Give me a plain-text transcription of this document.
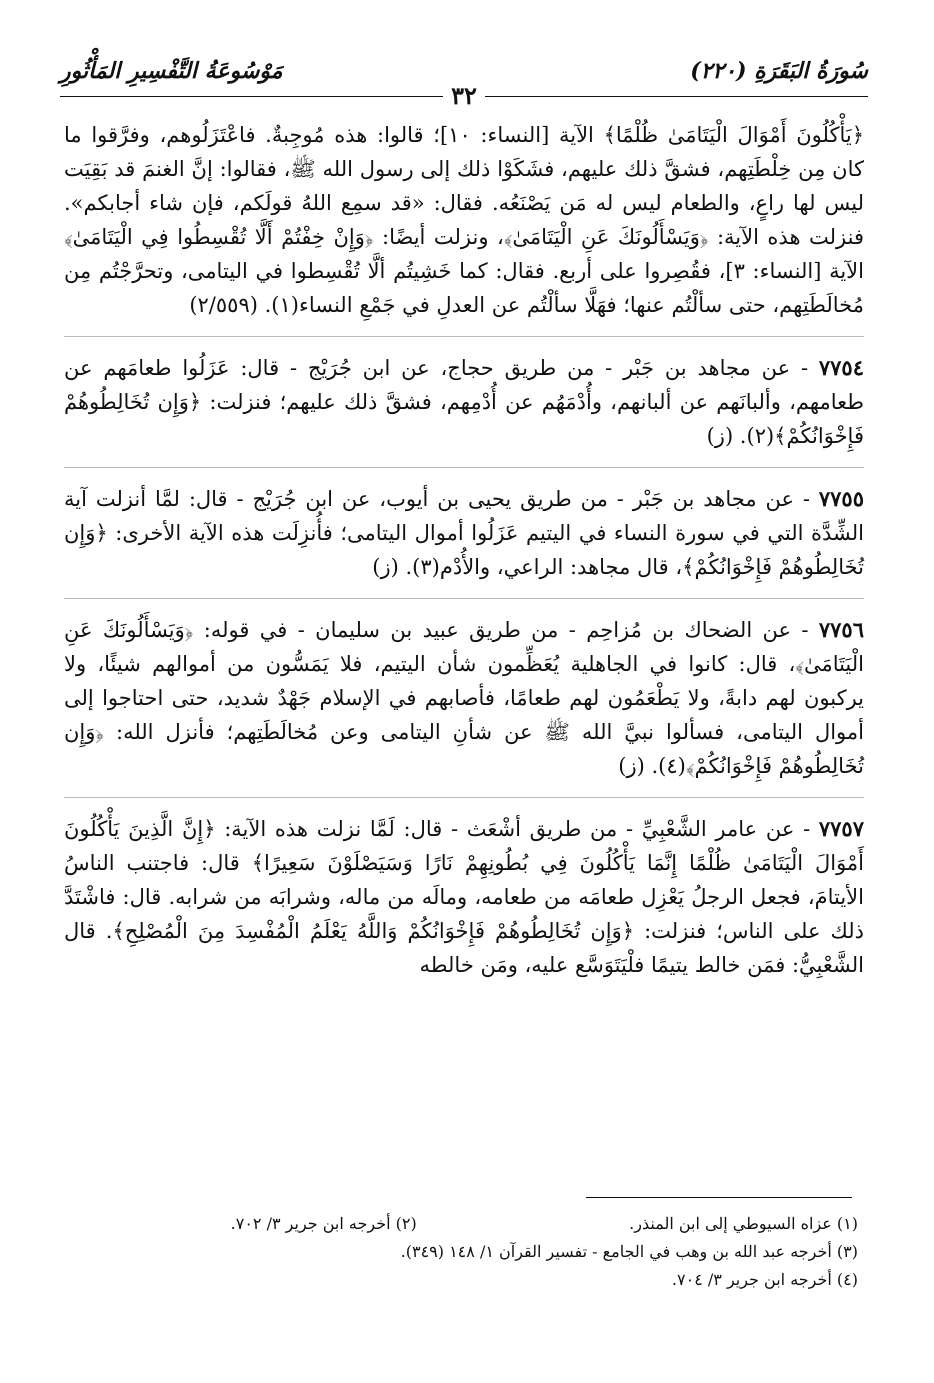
سُورَةُ البَقَرَةِ (٢٢٠)
مَوْسُوعَةُ التَّفْسِيرِ المَأْثُورِ
٣٢

﴿يَأْكُلُونَ أَمْوَالَ الْيَتَامَىٰ ظُلْمًا﴾ الآية [النساء: ١٠]؛ قالوا: هذه مُوجِبةٌ. فاعْتَزَلُوهم، وفرَّقوا ما كان مِن خِلْطَتِهم، فشقَّ ذلك عليهم، فشَكَوْا ذلك إلى رسول الله ﷺ، فقالوا: إنَّ الغنمَ قد بَقِيَت ليس لها راعٍ، والطعام ليس له مَن يَصْنَعُه. فقال: «قد سمِع اللهُ قولَكم، فإن شاء أجابكم». فنزلت هذه الآية: ﴿وَيَسْأَلُونَكَ عَنِ الْيَتَامَىٰ﴾، ونزلت أيضًا: ﴿وَإِنْ خِفْتُمْ أَلَّا تُقْسِطُوا فِي الْيَتَامَىٰ﴾ الآية [النساء: ٣]، فقُصِروا على أربع. فقال: كما خَشِيتُم ألَّا تُقْسِطوا في اليتامى، وتحرَّجْتُم مِن مُخالَطَتِهم، حتى سألْتُم عنها؛ فهَلَّا سألْتُم عن العدلِ في جَمْعِ النساء(١). (٢/٥٥٩)

٧٧٥٤ - عن مجاهد بن جَبْر - من طريق حجاج، عن ابن جُرَيْج - قال: عَزَلُوا طعامَهم عن طعامهم، وألبانَهم عن ألبانهم، وأُدْمَهُم عن أُدْمِهم، فشقَّ ذلك عليهم؛ فنزلت: ﴿وَإِن تُخَالِطُوهُمْ فَإِخْوَانُكُمْ﴾(٢). (ز)

٧٧٥٥ - عن مجاهد بن جَبْر - من طريق يحيى بن أيوب، عن ابن جُرَيْج - قال: لمَّا أنزلت آية الشِّدَّة التي في سورة النساء في اليتيم عَزَلُوا أموال اليتامى؛ فأُنزِلَت هذه الآية الأخرى: ﴿وَإِن تُخَالِطُوهُمْ فَإِخْوَانُكُمْ﴾، قال مجاهد: الراعي، والأُدْم(٣). (ز)

٧٧٥٦ - عن الضحاك بن مُزاحِم - من طريق عبيد بن سليمان - في قوله: ﴿وَيَسْأَلُونَكَ عَنِ الْيَتَامَىٰ﴾، قال: كانوا في الجاهلية يُعَظِّمون شأن اليتيم، فلا يَمَسُّون من أموالهم شيئًا، ولا يركبون لهم دابةً، ولا يَطْعَمُون لهم طعامًا، فأصابهم في الإسلام جَهْدٌ شديد، حتى احتاجوا إلى أموال اليتامى، فسألوا نبيَّ الله ﷺ عن شأنِ اليتامى وعن مُخالَطَتِهم؛ فأنزل الله: ﴿وَإِن تُخَالِطُوهُمْ فَإِخْوَانُكُمْ﴾(٤). (ز)

٧٧٥٧ - عن عامر الشَّعْبِيِّ - من طريق أشْعَث - قال: لَمَّا نزلت هذه الآية: ﴿إِنَّ الَّذِينَ يَأْكُلُونَ أَمْوَالَ الْيَتَامَىٰ ظُلْمًا إِنَّمَا يَأْكُلُونَ فِي بُطُونِهِمْ نَارًا وَسَيَصْلَوْنَ سَعِيرًا﴾ قال: فاجتنب الناسُ الأيتامَ، فجعل الرجلُ يَعْزِل طعامَه من طعامه، ومالَه من ماله، وشرابَه من شرابه. قال: فاشْتَدَّ ذلك على الناس؛ فنزلت: ﴿وَإِن تُخَالِطُوهُمْ فَإِخْوَانُكُمْ وَاللَّهُ يَعْلَمُ الْمُفْسِدَ مِنَ الْمُصْلِحِ﴾. قال الشَّعْبِيُّ: فمَن خالط يتيمًا فلْيَتَوَسَّع عليه، ومَن خالطه

(١) عزاه السيوطي إلى ابن المنذر.
(٢) أخرجه ابن جرير ٣/ ٧٠٢.
(٣) أخرجه عبد الله بن وهب في الجامع - تفسير القرآن ١/ ١٤٨ (٣٤٩).
(٤) أخرجه ابن جرير ٣/ ٧٠٤.
